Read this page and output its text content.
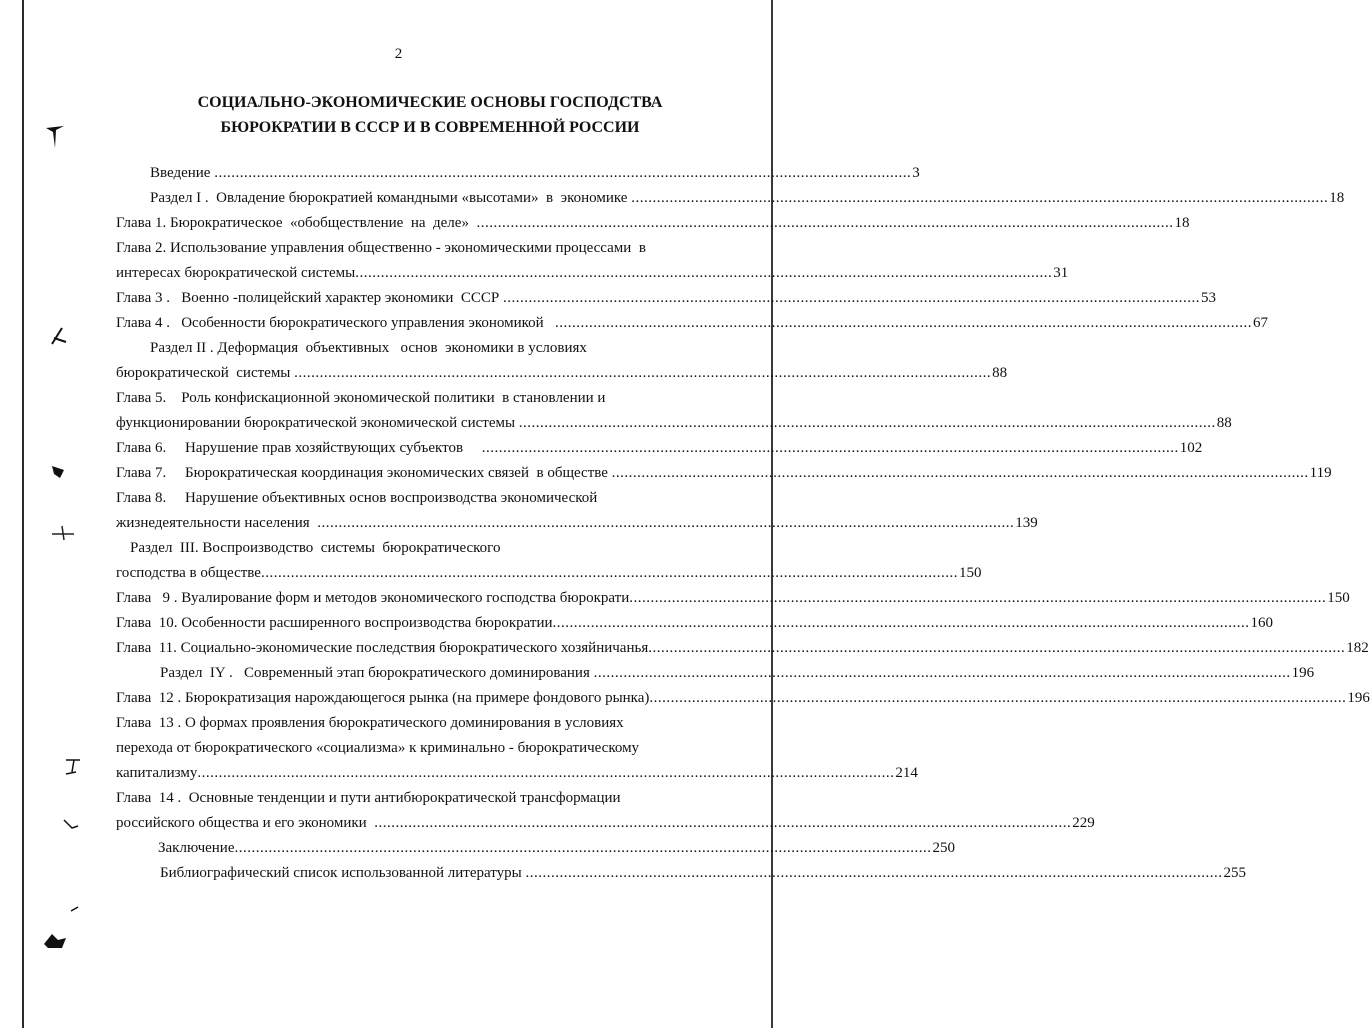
2
СОЦИАЛЬНО-ЭКОНОМИЧЕСКИЕ ОСНОВЫ ГОСПОДСТВА
БЮРОКРАТИИ В СССР И В СОВРЕМЕННОЙ РОССИИ
Введение .................................................................................................................................................................... 3
Раздел I .  Овладение бюрократией командными «высотами»  в  экономике .................................................................................................................................................................... 18
Глава 1. Бюрократическое  «обобществление  на  деле» .................................................................................................................................................................... 18
Глава 2. Использование управления общественно - экономическими процессами  в
интересах бюрократической системы .................................................................................................................................................................... 31
Глава 3 .   Военно -полицейский характер экономики  СССР .................................................................................................................................................................... 53
Глава 4 .   Особенности бюрократического управления экономикой .................................................................................................................................................................... 67
Раздел II . Деформация  объективных   основ  экономики в условиях
бюрократической  системы .................................................................................................................................................................... 88
Глава 5.    Роль конфискационной экономической политики  в становлении и
функционировании бюрократической экономической системы .................................................................................................................................................................... 88
Глава 6.     Нарушение прав хозяйствующих субъектов .................................................................................................................................................................... 102
Глава 7.     Бюрократическая координация экономических связей  в обществе .................................................................................................................................................................... 119
Глава 8.     Нарушение объективных основ воспроизводства экономической
жизнедеятельности населения .................................................................................................................................................................... 139
Раздел  III. Воспроизводство  системы  бюрократического
господства в обществе .................................................................................................................................................................... 150
Глава   9 . Вуалирование форм и методов экономического господства бюрократи .................................................................................................................................................................... 150
Глава  10. Особенности расширенного воспроизводства бюрократии .................................................................................................................................................................... 160
Глава  11. Социально-экономические последствия бюрократического хозяйничанья .................................................................................................................................................................... 182
Раздел  IY .   Современный этап бюрократического доминирования .................................................................................................................................................................... 196
Глава  12 . Бюрократизация нарождающегося рынка (на примере фондового рынка) .................................................................................................................................................................... 196
Глава  13 . О формах проявления бюрократического доминирования в условиях
перехода от бюрократического «социализма» к криминально - бюрократическому
капитализму .................................................................................................................................................................... 214
Глава  14 .  Основные тенденции и пути антибюрократической трансформации
российского общества и его экономики .................................................................................................................................................................... 229
Заключение .................................................................................................................................................................... 250
Библиографический список использованной литературы .................................................................................................................................................................... 255
